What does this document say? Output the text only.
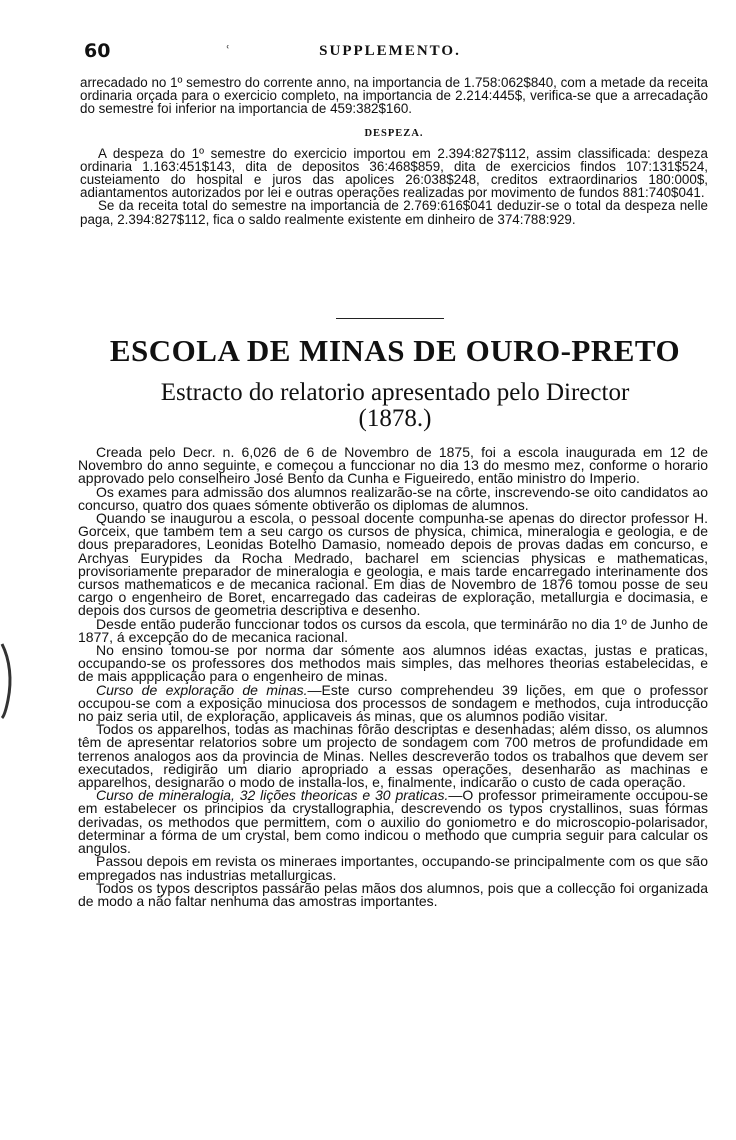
60	SUPPLEMENTO.
ʿ

arrecadado no 1º semestro do corrente anno, na importancia de 1.758:062$840, com a metade da receita ordinaria orçada para o exercicio completo, na importancia de 2.214:445$, verifica-se que a arrecadação do semestre foi inferior na importancia de 459:382$160.

DESPEZA.

A despeza do 1º semestre do exercicio importou em 2.394:827$112, assim classificada: despeza ordinaria 1.163:451$143, dita de depositos 36:468$859, dita de exercicios findos 107:131$524, custeiamento do hospital e juros das apolices 26:038$248, creditos extraordinarios 180:000$, adiantamentos autorizados por lei e outras operações realizadas por movimento de fundos 881:740$041.

Se da receita total do semestre na importancia de 2.769:616$041 deduzir-se o total da despeza nelle paga, 2.394:827$112, fica o saldo realmente existente em dinheiro de 374:788:929.

ESCOLA DE MINAS DE OURO-PRETO
Estracto do relatorio apresentado pelo Director
(1878.)

Creada pelo Decr. n. 6,026 de 6 de Novembro de 1875, foi a escola inaugurada em 12 de Novembro do anno seguinte, e começou a funccionar no dia 13 do mesmo mez, conforme o horario approvado pelo conselheiro José Bento da Cunha e Figueiredo, então ministro do Imperio.

Os exames para admissão dos alumnos realizarão-se na côrte, inscrevendo-se oito candidatos ao concurso, quatro dos quaes sómente obtiverão os diplomas de alumnos.

Quando se inaugurou a escola, o pessoal docente compunha-se apenas do director professor H. Gorceix, que tambem tem a seu cargo os cursos de physica, chimica, mineralogia e geologia, e de dous preparadores, Leonidas Botelho Damasio, nomeado depois de provas dadas em concurso, e Archyas Eurypides da Rocha Medrado, bacharel em sciencias physicas e mathematicas, provisoriamente preparador de mineralogia e geologia, e mais tarde encarregado interinamente dos cursos mathematicos e de mecanica racional. Em dias de Novembro de 1876 tomou posse de seu cargo o engenheiro de Boret, encarregado das cadeiras de exploração, metallurgia e docimasia, e depois dos cursos de geometria descriptiva e desenho.

Desde então puderão funccionar todos os cursos da escola, que terminárão no dia 1º de Junho de 1877, á excepção do de mecanica racional.

No ensino tomou-se por norma dar sómente aos alumnos idéas exactas, justas e praticas, occupando-se os professores dos methodos mais simples, das melhores theorias estabelecidas, e de mais appplicação para o engenheiro de minas.

Curso de exploração de minas.—Este curso comprehendeu 39 lições, em que o professor occupou-se com a exposição minuciosa dos processos de sondagem e methodos, cuja introducção no paiz seria util, de exploração, applicaveis ás minas, que os alumnos podião visitar.

Todos os apparelhos, todas as machinas fôrão descriptas e desenhadas; além disso, os alumnos têm de apresentar relatorios sobre um projecto de sondagem com 700 metros de profundidade em terrenos analogos aos da provincia de Minas. Nelles descreverão todos os trabalhos que devem ser executados, redigirão um diario apropriado a essas operações, desenharão as machinas e apparelhos, designarão o modo de installa-los, e, finalmente, indicarão o custo de cada operação.

Curso de mineralogia, 32 lições theoricas e 30 praticas.—O professor primeiramente occupou-se em estabelecer os principios da crystallographia, descrevendo os typos crystallinos, suas fórmas derivadas, os methodos que permittem, com o auxilio do goniometro e do microscopio-polarisador, determinar a fórma de um crystal, bem como indicou o methodo que cumpria seguir para calcular os angulos.

Passou depois em revista os mineraes importantes, occupando-se principalmente com os que são empregados nas industrias metallurgicas.

Todos os typos descriptos passárão pelas mãos dos alumnos, pois que a collecção foi organizada de modo a não faltar nenhuma das amostras importantes.
